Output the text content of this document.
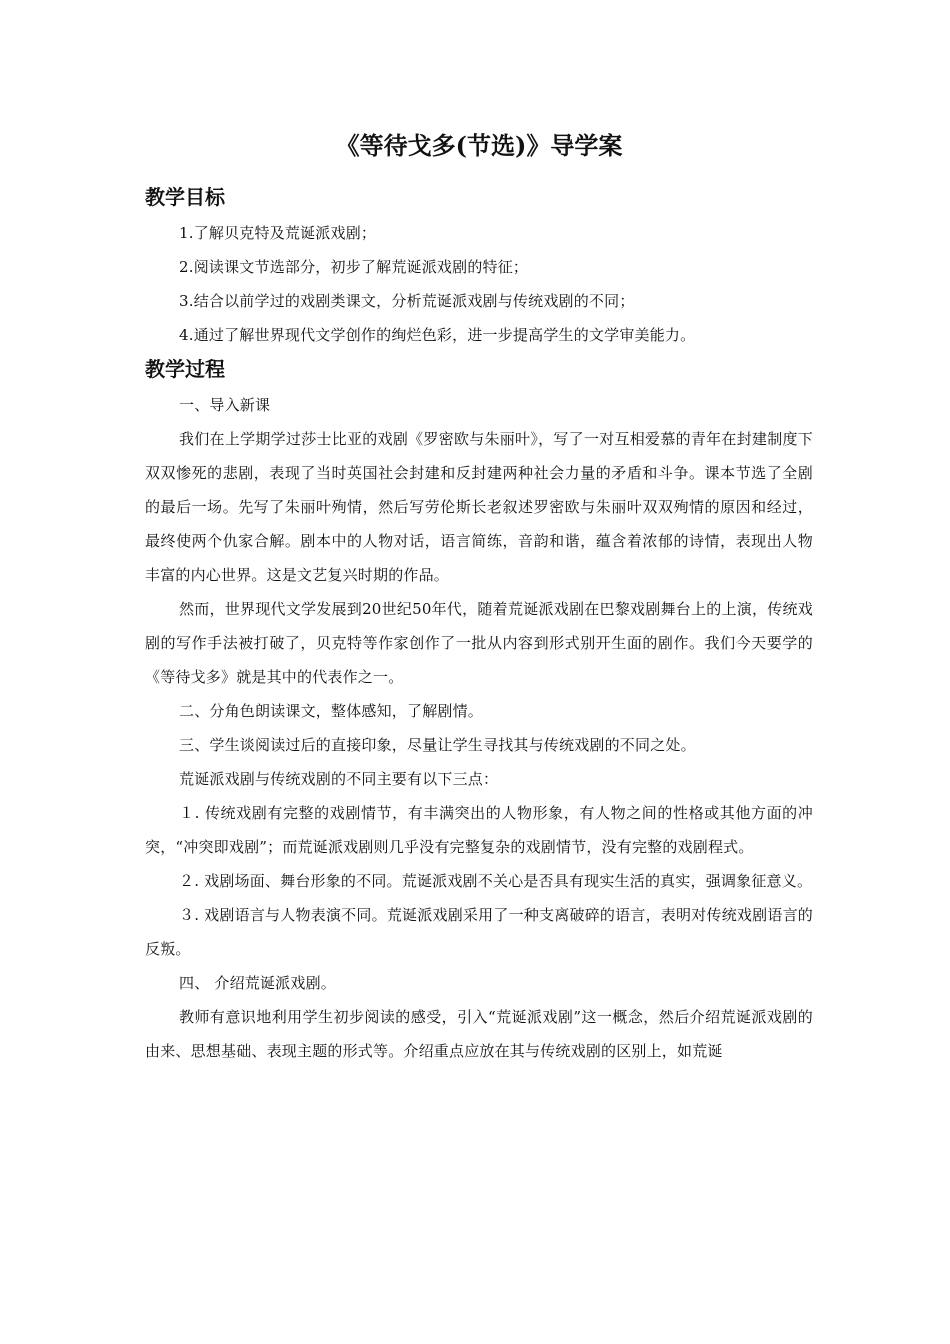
《等待戈多(节选)》导学案
教学目标

1.了解贝克特及荒诞派戏剧；

2.阅读课文节选部分，初步了解荒诞派戏剧的特征；

3.结合以前学过的戏剧类课文，分析荒诞派戏剧与传统戏剧的不同；

4.通过了解世界现代文学创作的绚烂色彩，进一步提高学生的文学审美能力。

教学过程

一、导入新课

我们在上学期学过莎士比亚的戏剧《罗密欧与朱丽叶》，写了一对互相爱慕的青年在封建制度下双双惨死的悲剧，表现了当时英国社会封建和反封建两种社会力量的矛盾和斗争。课本节选了全剧的最后一场。先写了朱丽叶殉情，然后写劳伦斯长老叙述罗密欧与朱丽叶双双殉情的原因和经过，最终使两个仇家合解。剧本中的人物对话，语言简练，音韵和谐，蕴含着浓郁的诗情，表现出人物丰富的内心世界。这是文艺复兴时期的作品。

然而，世界现代文学发展到20世纪50年代，随着荒诞派戏剧在巴黎戏剧舞台上的上演，传统戏剧的写作手法被打破了，贝克特等作家创作了一批从内容到形式别开生面的剧作。我们今天要学的《等待戈多》就是其中的代表作之一。

二、分角色朗读课文，整体感知，了解剧情。

三、学生谈阅读过后的直接印象，尽量让学生寻找其与传统戏剧的不同之处。

荒诞派戏剧与传统戏剧的不同主要有以下三点：

１. 传统戏剧有完整的戏剧情节，有丰满突出的人物形象，有人物之间的性格或其他方面的冲突，“冲突即戏剧”；而荒诞派戏剧则几乎没有完整复杂的戏剧情节，没有完整的戏剧程式。

２. 戏剧场面、舞台形象的不同。荒诞派戏剧不关心是否具有现实生活的真实，强调象征意义。

３. 戏剧语言与人物表演不同。荒诞派戏剧采用了一种支离破碎的语言，表明对传统戏剧语言的反叛。

四、 介绍荒诞派戏剧。

教师有意识地利用学生初步阅读的感受，引入“荒诞派戏剧”这一概念，然后介绍荒诞派戏剧的由来、思想基础、表现主题的形式等。介绍重点应放在其与传统戏剧的区别上，如荒诞
